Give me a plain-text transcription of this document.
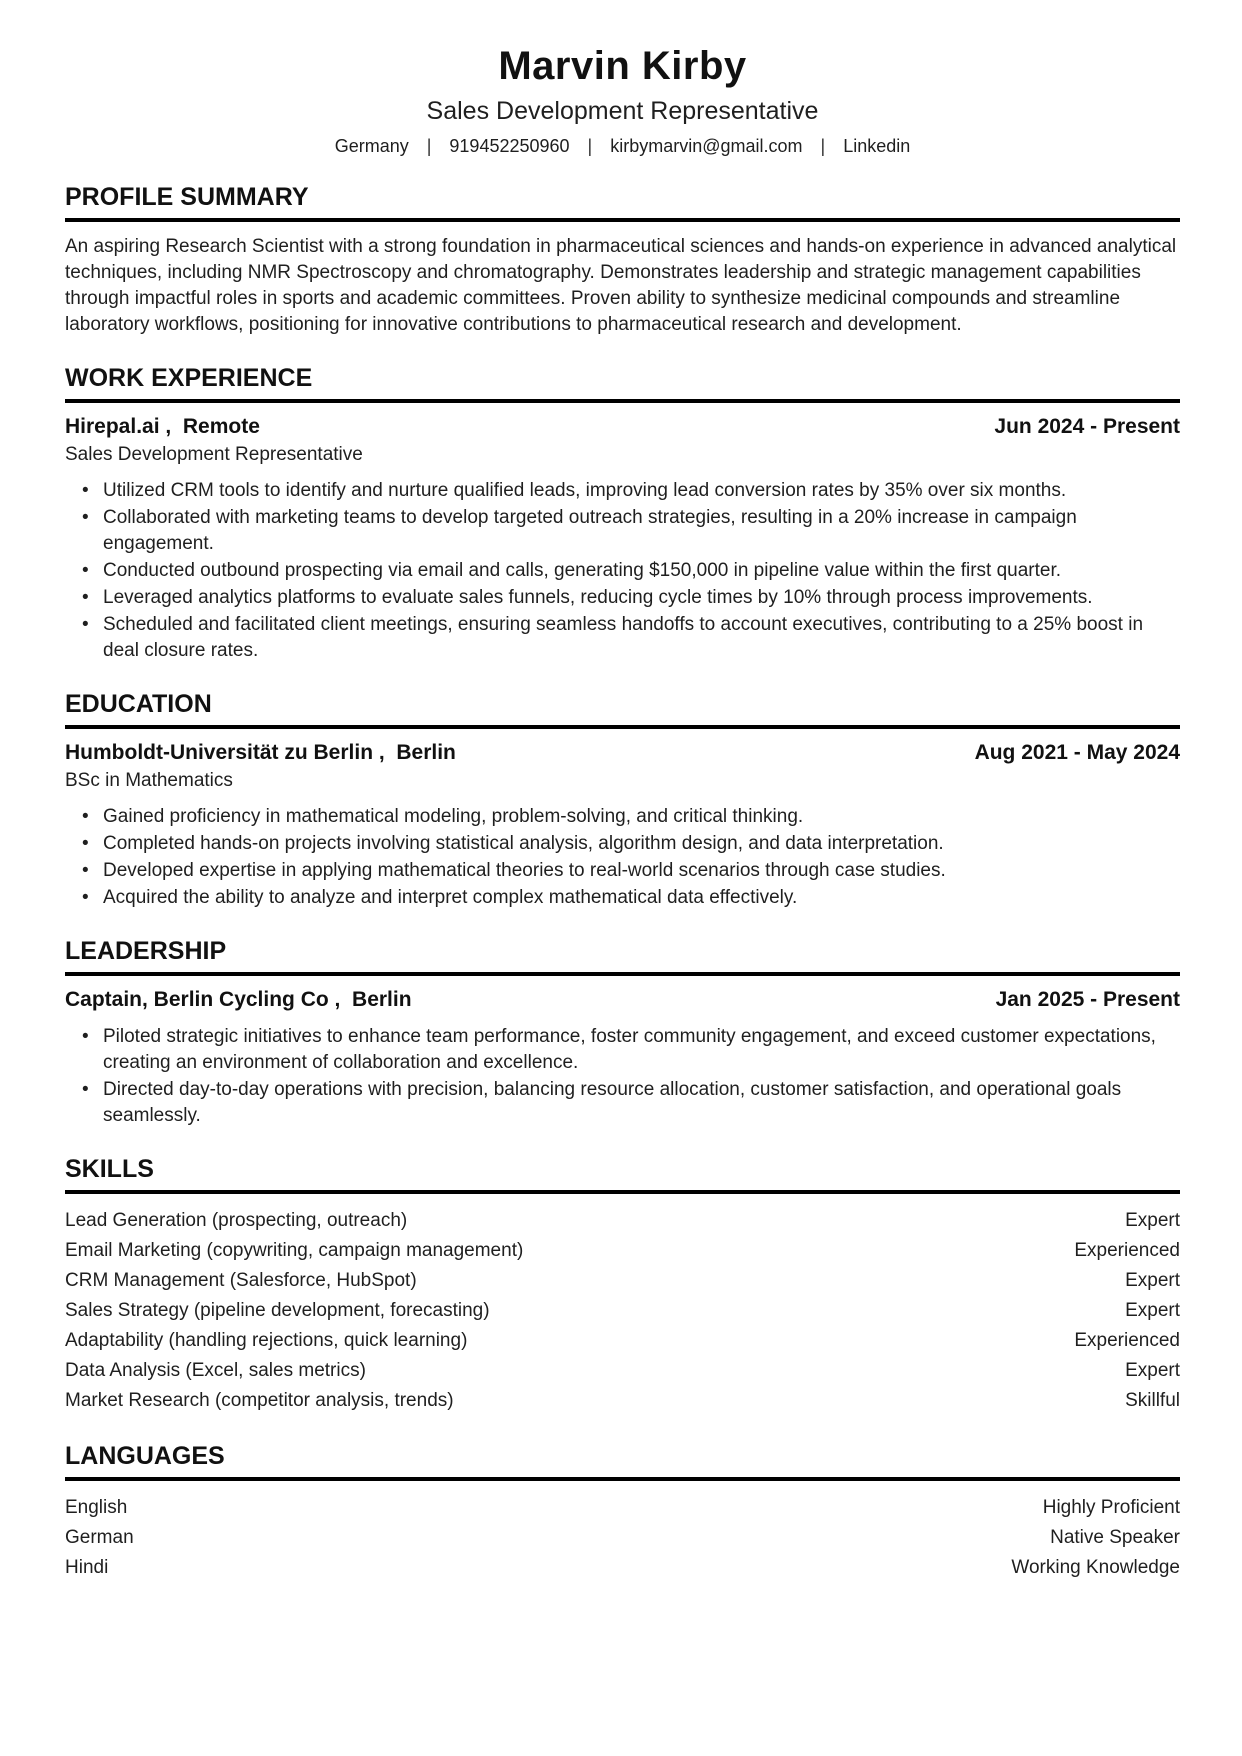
Marvin Kirby
Sales Development Representative
Germany | 919452250960 | kirbymarvin@gmail.com | Linkedin
PROFILE SUMMARY
An aspiring Research Scientist with a strong foundation in pharmaceutical sciences and hands-on experience in advanced analytical techniques, including NMR Spectroscopy and chromatography. Demonstrates leadership and strategic management capabilities through impactful roles in sports and academic committees. Proven ability to synthesize medicinal compounds and streamline laboratory workflows, positioning for innovative contributions to pharmaceutical research and development.
WORK EXPERIENCE
Hirepal.ai ,  Remote	Jun 2024 - Present
Sales Development Representative
• Utilized CRM tools to identify and nurture qualified leads, improving lead conversion rates by 35% over six months.
• Collaborated with marketing teams to develop targeted outreach strategies, resulting in a 20% increase in campaign engagement.
• Conducted outbound prospecting via email and calls, generating $150,000 in pipeline value within the first quarter.
• Leveraged analytics platforms to evaluate sales funnels, reducing cycle times by 10% through process improvements.
• Scheduled and facilitated client meetings, ensuring seamless handoffs to account executives, contributing to a 25% boost in deal closure rates.
EDUCATION
Humboldt-Universität zu Berlin ,  Berlin	Aug 2021 - May 2024
BSc in Mathematics
• Gained proficiency in mathematical modeling, problem-solving, and critical thinking.
• Completed hands-on projects involving statistical analysis, algorithm design, and data interpretation.
• Developed expertise in applying mathematical theories to real-world scenarios through case studies.
• Acquired the ability to analyze and interpret complex mathematical data effectively.
LEADERSHIP
Captain, Berlin Cycling Co ,  Berlin	Jan 2025 - Present
• Piloted strategic initiatives to enhance team performance, foster community engagement, and exceed customer expectations, creating an environment of collaboration and excellence.
• Directed day-to-day operations with precision, balancing resource allocation, customer satisfaction, and operational goals seamlessly.
SKILLS
Lead Generation (prospecting, outreach)	Expert
Email Marketing (copywriting, campaign management)	Experienced
CRM Management (Salesforce, HubSpot)	Expert
Sales Strategy (pipeline development, forecasting)	Expert
Adaptability (handling rejections, quick learning)	Experienced
Data Analysis (Excel, sales metrics)	Expert
Market Research (competitor analysis, trends)	Skillful
LANGUAGES
English	Highly Proficient
German	Native Speaker
Hindi	Working Knowledge
